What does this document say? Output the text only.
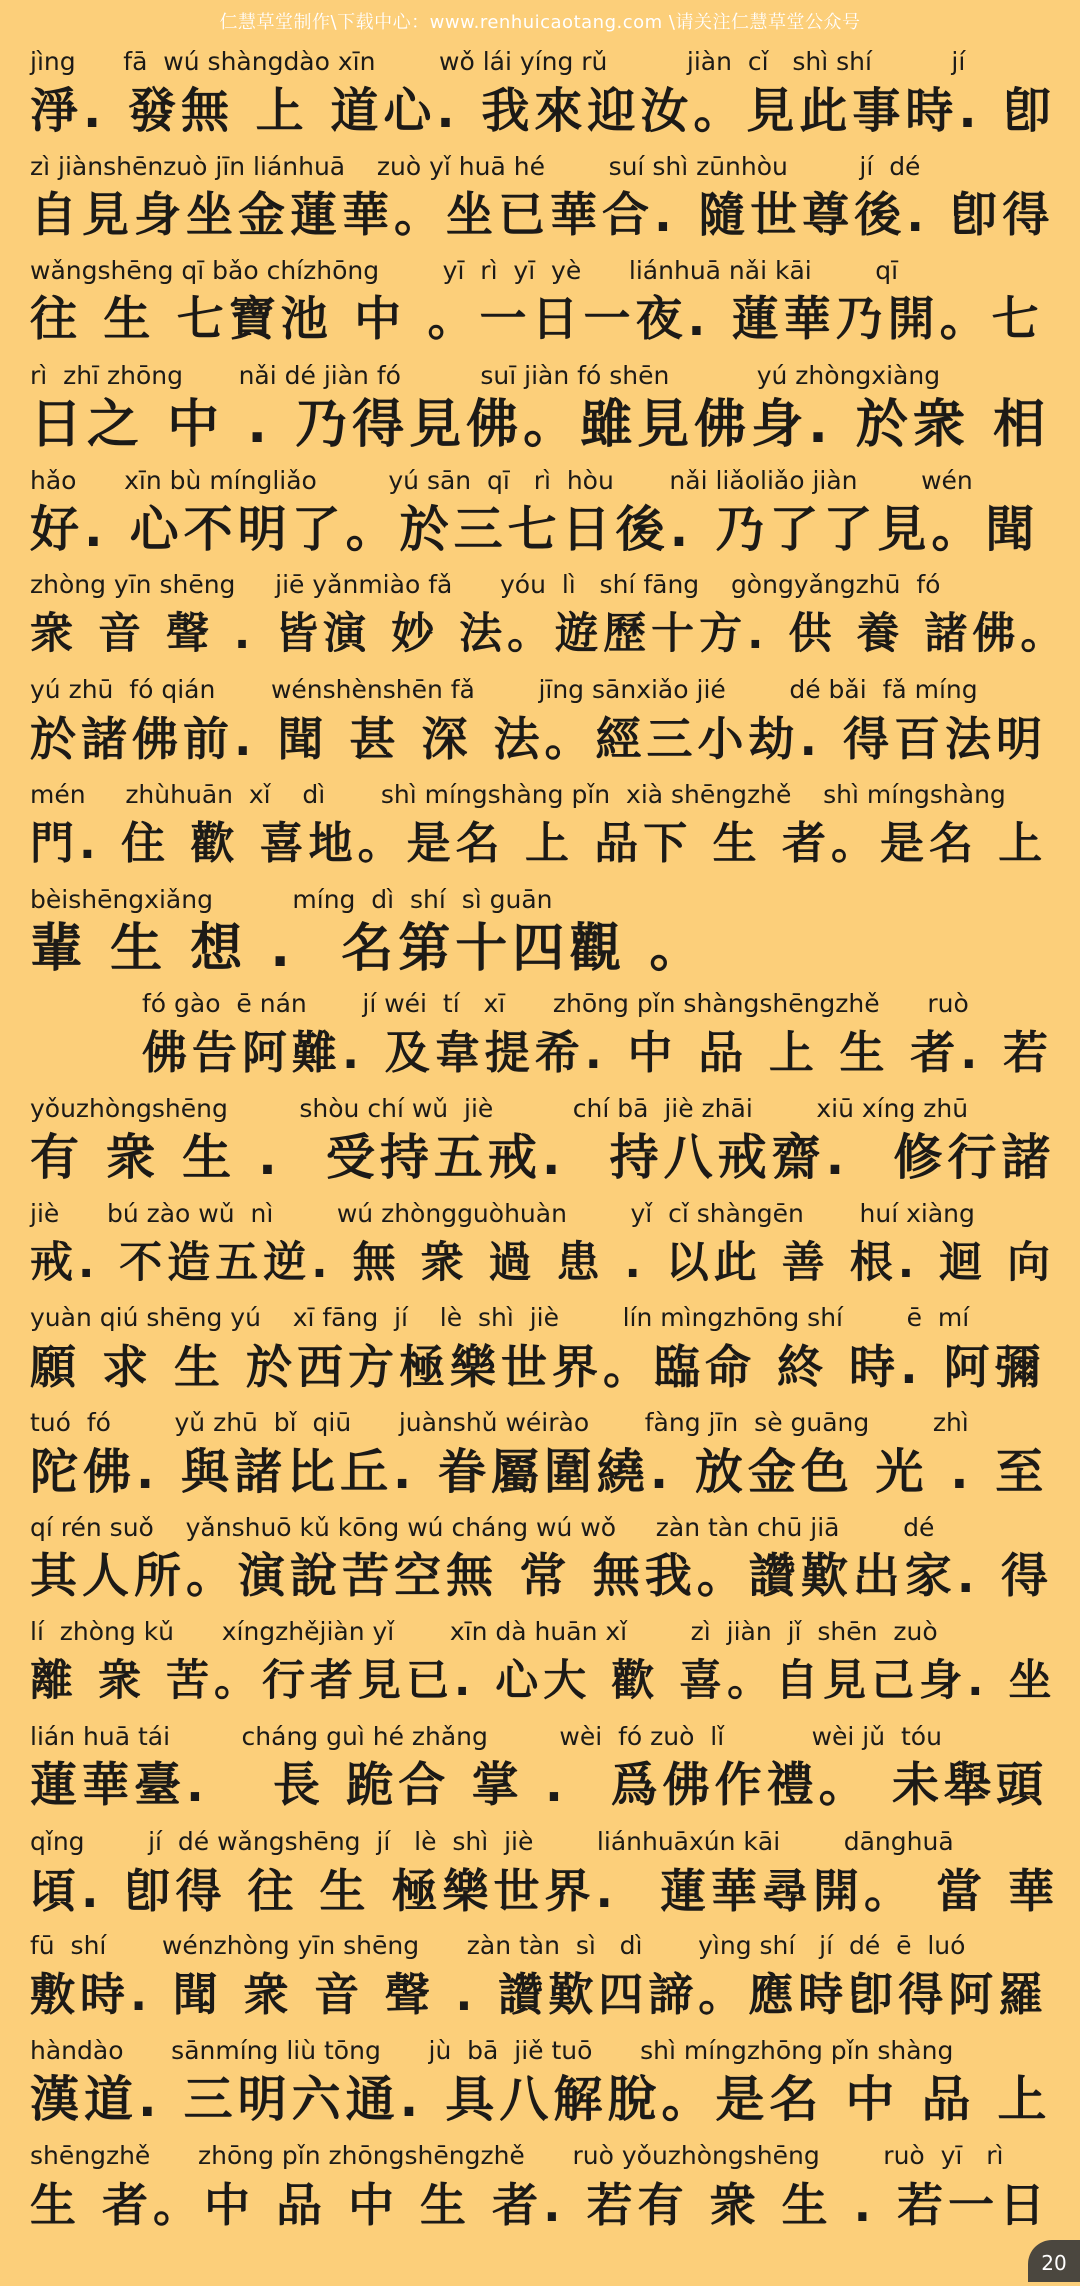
仁慧草堂制作\下载中心：www.renhuicaotang.com \请关注仁慧草堂公众号
jìng      fā  wú shàngdào xīn        wǒ lái yíng rǔ          jiàn  cǐ   shì shí          jí
淨. 發無 上 道心. 我來迎汝。見此事時. 卽
zì jiànshēnzuò jīn liánhuā    zuò yǐ huā hé        suí shì zūnhòu         jí  dé
自見身坐金蓮華。坐已華合. 隨世尊後. 卽得
wǎngshēng qī bǎo chízhōng        yī  rì  yī  yè      liánhuā nǎi kāi        qī
往 生 七寶池 中 。一日一夜. 蓮華乃開。七
rì  zhī zhōng       nǎi dé jiàn fó          suī jiàn fó shēn           yú zhòngxiàng
日之 中 . 乃得見佛。雖見佛身. 於衆 相
hǎo      xīn bù míngliǎo         yú sān  qī   rì  hòu       nǎi liǎoliǎo jiàn        wén
好. 心不明了。於三七日後. 乃了了見。聞
zhòng yīn shēng     jiē yǎnmiào fǎ      yóu  lì   shí fāng    gòngyǎngzhū  fó
衆 音 聲 . 皆演 妙 法。遊歷十方. 供 養 諸佛。
yú zhū  fó qián       wénshènshēn fǎ        jīng sānxiǎo jié        dé bǎi  fǎ míng
於諸佛前. 聞 甚 深 法。經三小劫. 得百法明
mén     zhùhuān  xǐ    dì       shì míngshàng pǐn  xià shēngzhě    shì míngshàng
門. 住 歡 喜地。是名 上 品下 生 者。是名 上
bèishēngxiǎng          míng  dì  shí  sì guān
輩 生 想 .  名第十四觀 。
fó gào  ē nán       jí wéi  tí   xī      zhōng pǐn shàngshēngzhě      ruò
佛告阿難. 及韋提希. 中 品 上 生 者. 若
yǒuzhòngshēng         shòu chí wǔ  jiè          chí bā  jiè zhāi        xiū xíng zhū
有 衆 生 .  受持五戒.  持八戒齋.  修行諸
jiè      bú zào wǔ  nì        wú zhòngguòhuàn        yǐ  cǐ shàngēn       huí xiàng
戒. 不造五逆. 無 衆 過 患 . 以此 善 根. 迴 向
yuàn qiú shēng yú    xī fāng  jí    lè  shì  jiè        lín mìngzhōng shí        ē  mí
願 求 生 於西方極樂世界。臨命 終 時. 阿彌
tuó  fó        yǔ zhū  bǐ  qiū      juànshǔ wéirào       fàng jīn  sè guāng        zhì
陀佛. 與諸比丘. 眷屬圍繞. 放金色 光 . 至
qí rén suǒ    yǎnshuō kǔ kōng wú cháng wú wǒ     zàn tàn chū jiā        dé
其人所。演說苦空無 常 無我。讚歎出家. 得
lí  zhòng kǔ      xíngzhějiàn yǐ       xīn dà huān xǐ        zì  jiàn  jǐ  shēn  zuò
離 衆 苦。行者見已. 心大 歡 喜。自見己身. 坐
lián huā tái         cháng guì hé zhǎng         wèi  fó zuò  lǐ           wèi jǔ  tóu
蓮華臺.   長 跪合 掌 .  爲佛作禮。 未舉頭
qǐng        jí  dé wǎngshēng  jí   lè  shì  jiè        liánhuāxún kāi        dānghuā
頃. 卽得 往 生 極樂世界.  蓮華尋開。 當 華
fū  shí       wénzhòng yīn shēng      zàn tàn  sì   dì       yìng shí   jí  dé  ē  luó
敷時. 聞 衆 音 聲 . 讚歎四諦。應時卽得阿羅
hàndào      sānmíng liù tōng      jù  bā  jiě tuō      shì míngzhōng pǐn shàng
漢道. 三明六通. 具八解脫。是名 中 品 上
shēngzhě      zhōng pǐn zhōngshēngzhě      ruò yǒuzhòngshēng        ruò  yī   rì
生 者。中 品 中 生 者. 若有 衆 生 . 若一日
20
